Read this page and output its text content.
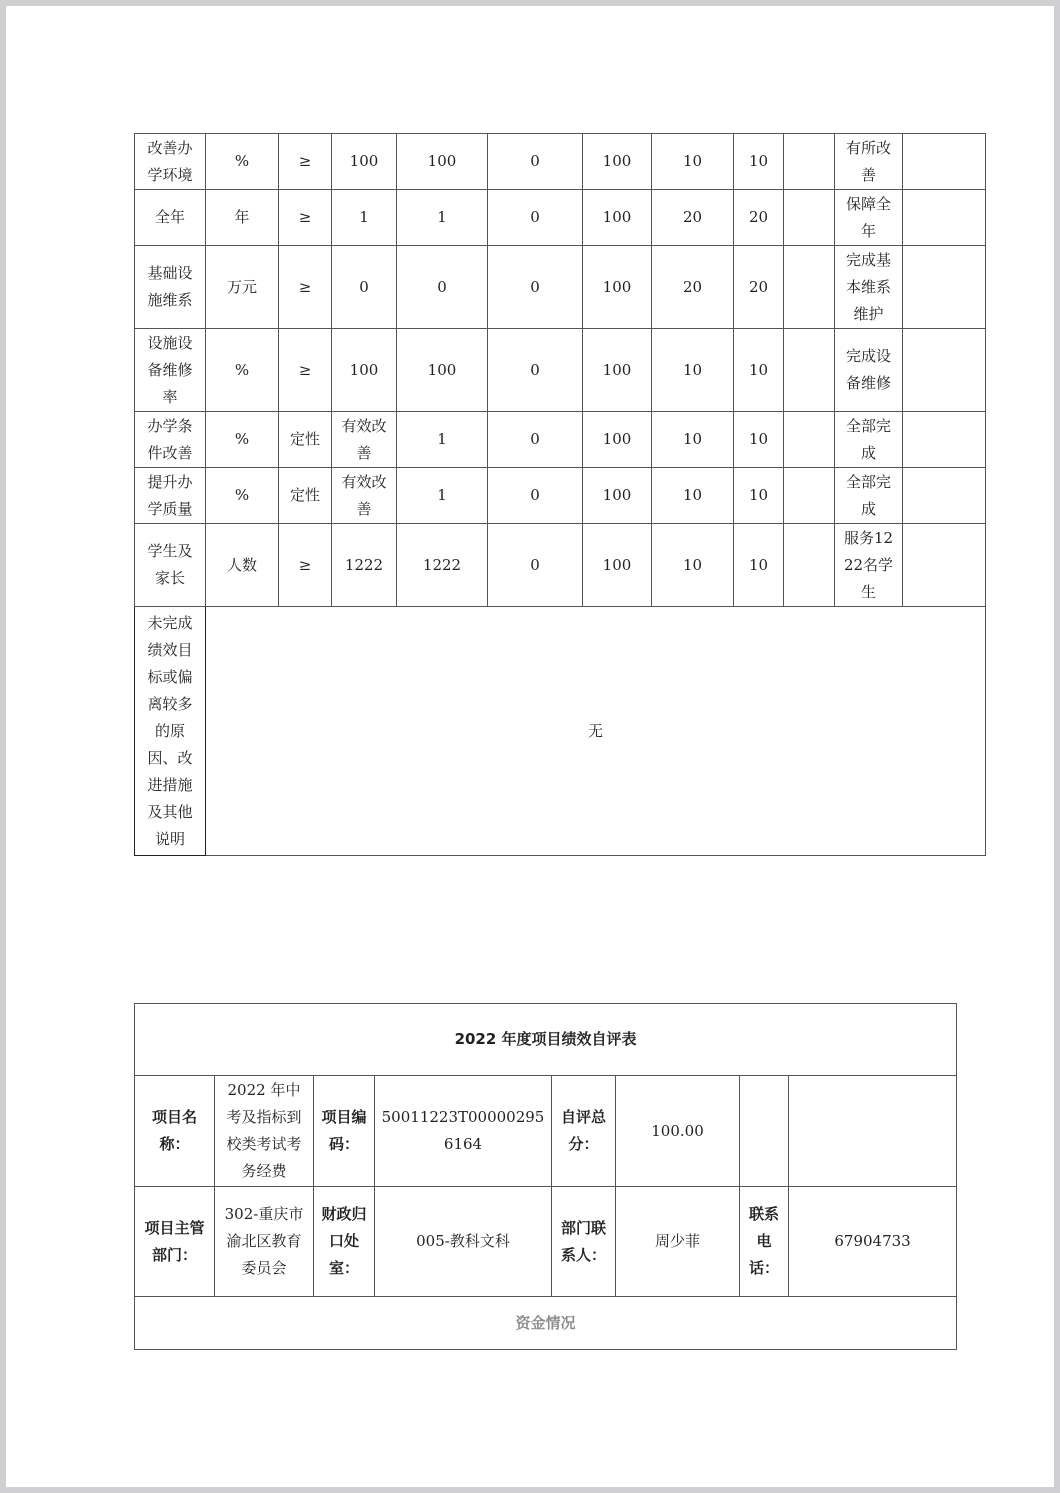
改善办学环境	%	≥	100	100	0	100	10	10		有所改善	
全年	年	≥	1	1	0	100	20	20		保障全年	
基础设施维系	万元	≥	0	0	0	100	20	20		完成基本维系维护	
设施设备维修率	%	≥	100	100	0	100	10	10		完成设备维修	
办学条件改善	%	定性	有效改善	1	0	100	10	10		全部完成	
提升办学质量	%	定性	有效改善	1	0	100	10	10		全部完成	
学生及家长	人数	≥	1222	1222	0	100	10	10		服务1222名学生	
未完成绩效目标或偏离较多的原因、改进措施及其他说明	无										
2022 年度项目绩效自评表							
项目名称：	2022 年中考及指标到校类考试考务经费	项目编码：	50011223T000002956164	自评总分：	100.00		
项目主管部门：	302-重庆市渝北区教育委员会	财政归口处室：	005-教科文科	部门联系人：	周少菲	联系电话：	67904733
资金情况							
